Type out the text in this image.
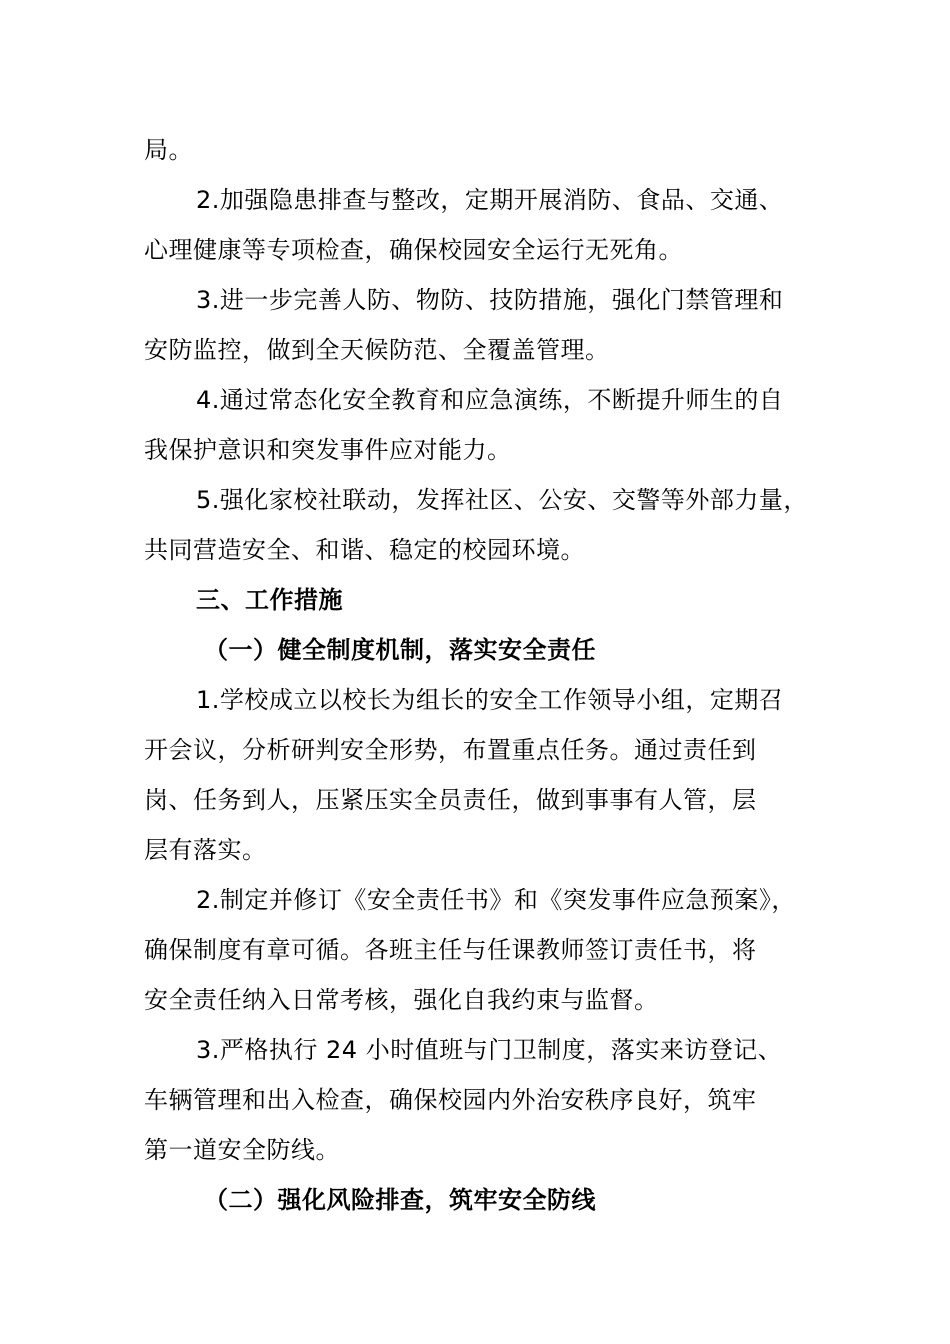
局。
2.加强隐患排查与整改，定期开展消防、食品、交通、
心理健康等专项检查，确保校园安全运行无死角。
3.进一步完善人防、物防、技防措施，强化门禁管理和
安防监控，做到全天候防范、全覆盖管理。
4.通过常态化安全教育和应急演练，不断提升师生的自
我保护意识和突发事件应对能力。
5.强化家校社联动，发挥社区、公安、交警等外部力量，
共同营造安全、和谐、稳定的校园环境。
三、工作措施
（一）健全制度机制，落实安全责任
1.学校成立以校长为组长的安全工作领导小组，定期召
开会议，分析研判安全形势，布置重点任务。通过责任到
岗、任务到人，压紧压实全员责任，做到事事有人管，层
层有落实。
2.制定并修订《安全责任书》和《突发事件应急预案》，
确保制度有章可循。各班主任与任课教师签订责任书，将
安全责任纳入日常考核，强化自我约束与监督。
3.严格执行 24 小时值班与门卫制度，落实来访登记、
车辆管理和出入检查，确保校园内外治安秩序良好，筑牢
第一道安全防线。
（二）强化风险排查，筑牢安全防线
